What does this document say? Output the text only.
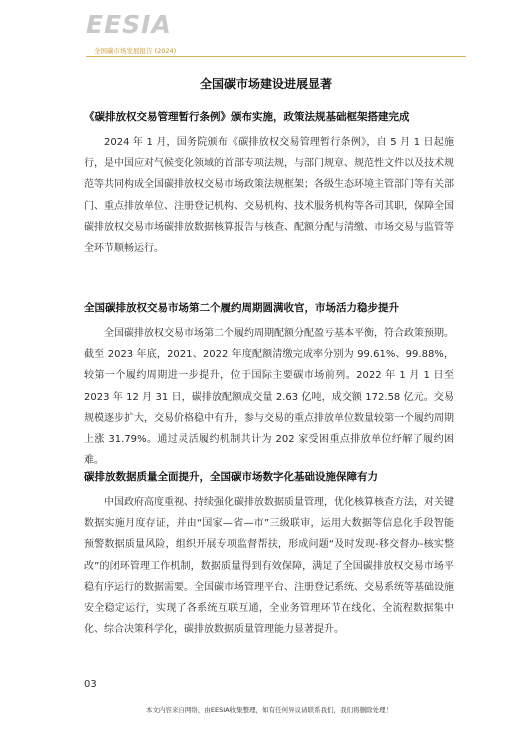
EESIA
全国碳市场发展报告 (2024)
全国碳市场建设进展显著
《碳排放权交易管理暂行条例》颁布实施，政策法规基础框架搭建完成

2024 年 1 月，国务院颁布《碳排放权交易管理暂行条例》，自 5 月 1 日起施行，是中国应对气候变化领域的首部专项法规，与部门规章、规范性文件以及技术规范等共同构成全国碳排放权交易市场政策法规框架；各级生态环境主管部门等有关部门、重点排放单位、注册登记机构、交易机构、技术服务机构等各司其职，保障全国碳排放权交易市场碳排放数据核算报告与核查、配额分配与清缴、市场交易与监管等全环节顺畅运行。

全国碳排放权交易市场第二个履约周期圆满收官，市场活力稳步提升

全国碳排放权交易市场第二个履约周期配额分配盈亏基本平衡，符合政策预期。截至 2023 年底，2021、2022 年度配额清缴完成率分别为 99.61%、99.88%，较第一个履约周期进一步提升，位于国际主要碳市场前列。2022 年 1 月 1 日至 2023 年 12 月 31 日，碳排放配额成交量 2.63 亿吨，成交额 172.58 亿元。交易规模逐步扩大，交易价格稳中有升，参与交易的重点排放单位数量较第一个履约周期上涨 31.79%。通过灵活履约机制共计为 202 家受困重点排放单位纾解了履约困难。

碳排放数据质量全面提升，全国碳市场数字化基础设施保障有力

中国政府高度重视、持续强化碳排放数据质量管理，优化核算核查方法，对关键数据实施月度存证，并由“国家—省—市”三级联审，运用大数据等信息化手段智能预警数据质量风险，组织开展专项监督帮扶，形成问题“及时发现-移交督办-核实整改”的闭环管理工作机制，数据质量得到有效保障，满足了全国碳排放权交易市场平稳有序运行的数据需要。全国碳市场管理平台、注册登记系统、交易系统等基础设施安全稳定运行，实现了各系统互联互通，全业务管理环节在线化、全流程数据集中化、综合决策科学化，碳排放数据质量管理能力显著提升。

03
本文内容来自网络，由EESIA收集整理，如有任何异议请联系我们，我们将删除处理！
